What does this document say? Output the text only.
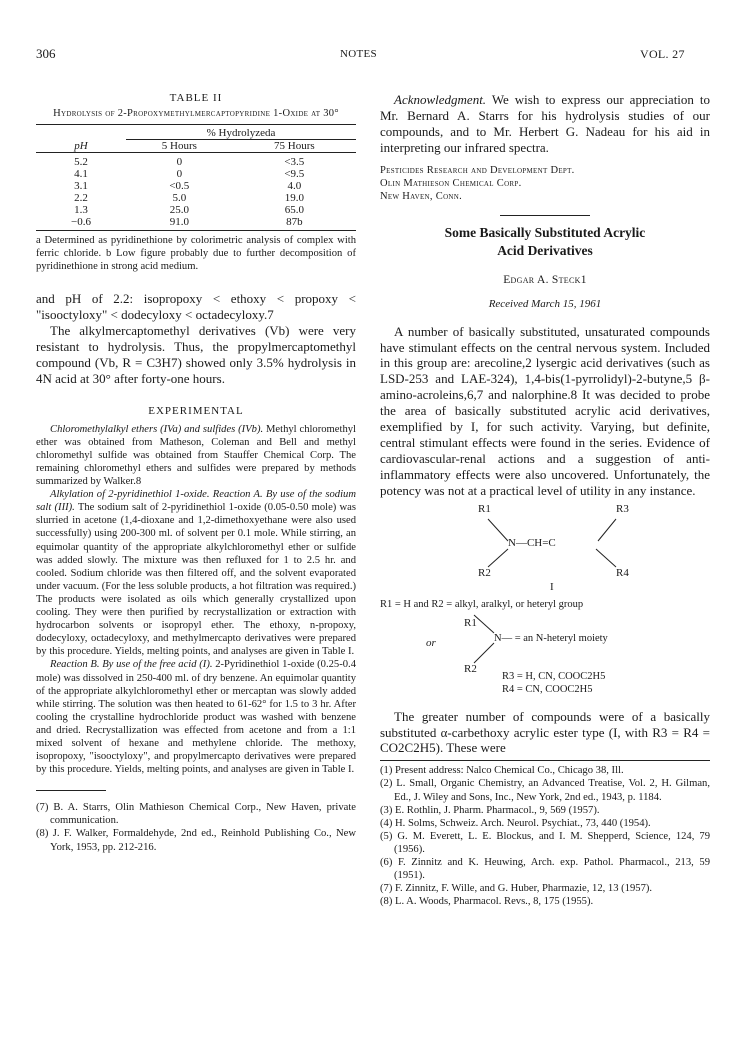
306	NOTES	VOL. 27
TABLE II
Hydrolysis of 2-Propoxymethylmercaptopyridine 1-Oxide at 30°
	% Hydrolyzeda	
pH	5 Hours	75 Hours
5.2	0	<3.5
4.1	0	<9.5
3.1	<0.5	4.0
2.2	5.0	19.0
1.3	25.0	65.0
−0.6	91.0	87b

a Determined as pyridinethione by colorimetric analysis of complex with ferric chloride. b Low figure probably due to further decomposition of pyridinethione in strong acid medium.

and pH of 2.2: isopropoxy < ethoxy < propoxy < "isooctyloxy" < dodecyloxy < octadecyloxy.7

The alkylmercaptomethyl derivatives (Vb) were very resistant to hydrolysis. Thus, the propylmercaptomethyl compound (Vb, R = C3H7) showed only 3.5% hydrolysis in 4N acid at 30° after forty-one hours.

EXPERIMENTAL

Chloromethylalkyl ethers (IVa) and sulfides (IVb). Methyl chloromethyl ether was obtained from Matheson, Coleman and Bell and methyl chloromethyl sulfide was obtained from Stauffer Chemical Corp. The remaining chloromethyl ethers and sulfides were prepared by methods summarized by Walker.8

Alkylation of 2-pyridinethiol 1-oxide. Reaction A. By use of the sodium salt (III). The sodium salt of 2-pyridinethiol 1-oxide (0.05-0.50 mole) was slurried in acetone (1,4-dioxane and 1,2-dimethoxyethane were also used successfully) using 200-300 ml. of solvent per 0.1 mole. While stirring, an equimolar quantity of the appropriate alkylchloromethyl ether or sulfide was added slowly. The mixture was then refluxed for 1 to 2.5 hr. and cooled. Sodium chloride was then filtered off, and the solvent evaporated under vacuum. (For the less soluble products, a hot filtration was required.) The products were isolated as oils which generally crystallized upon cooling. They were then purified by recrystallization or extraction with hydrocarbon solvents or isopropyl ether. The ethoxy, n-propoxy, dodecyloxy, octadecyloxy, and methylmercapto derivatives were prepared by this procedure. Yields, melting points, and analyses are given in Table I.

Reaction B. By use of the free acid (I). 2-Pyridinethiol 1-oxide (0.25-0.4 mole) was dissolved in 250-400 ml. of dry benzene. An equimolar quantity of the appropriate alkylchloromethyl ether or mercaptan was slowly added while stirring. The solution was then heated to 61-62° for 1.5 to 3 hr. After cooling the crystalline hydrochloride product was washed with benzene and dried. Recrystallization was effected from acetone and from a 1:1 mixed solvent of hexane and methylene chloride. The methoxy, isopropoxy, "isooctyloxy", and propylmercapto derivatives were prepared by this procedure. Yields, melting points, and analyses are given in Table I.

(7) B. A. Starrs, Olin Mathieson Chemical Corp., New Haven, private communication.

(8) J. F. Walker, Formaldehyde, 2nd ed., Reinhold Publishing Co., New York, 1953, pp. 212-216.

Acknowledgment. We wish to express our appreciation to Mr. Bernard A. Starrs for his hydrolysis studies of our compounds, and to Mr. Herbert G. Nadeau for his aid in interpreting our infrared spectra.

Pesticides Research and Development Dept.
Olin Mathieson Chemical Corp.
New Haven, Conn.
Some Basically Substituted Acrylic
Acid Derivatives
Edgar A. Steck1
Received March 15, 1961

A number of basically substituted, unsaturated compounds have stimulant effects on the central nervous system. Included in this group are: arecoline,2 lysergic acid derivatives (such as LSD-253 and LAE-324), 1,4-bis(1-pyrrolidyl)-2-butyne,5 β-amino-acroleins,6,7 and nalorphine.8 It was decided to probe the area of basically substituted acrylic acid derivatives, exemplified by I, for such activity. Varying, but definite, central stimulant effects were found in the series. Evidence of cardiovascular-renal actions and a suggestion of anti-inflammatory effects were also uncovered. Unfortunately, the potency was not at a practical level of utility in any instance.

R1	R3
N—CH=C
R2	R4
I
R1 = H and R2 = alkyl, aralkyl, or heteryl group
R1
or	N— = an N-heteryl moiety
R2
R3 = H, CN, COOC2H5
R4 = CN, COOC2H5

The greater number of compounds were of a basically substituted α-carbethoxy acrylic ester type (I, with R3 = R4 = CO2C2H5). These were

(1) Present address: Nalco Chemical Co., Chicago 38, Ill.

(2) L. Small, Organic Chemistry, an Advanced Treatise, Vol. 2, H. Gilman, Ed., J. Wiley and Sons, Inc., New York, 2nd ed., 1943, p. 1184.

(3) E. Rothlin, J. Pharm. Pharmacol., 9, 569 (1957).

(4) H. Solms, Schweiz. Arch. Neurol. Psychiat., 73, 440 (1954).

(5) G. M. Everett, L. E. Blockus, and I. M. Shepperd, Science, 124, 79 (1956).

(6) F. Zinnitz and K. Heuwing, Arch. exp. Pathol. Pharmacol., 213, 59 (1951).

(7) F. Zinnitz, F. Wille, and G. Huber, Pharmazie, 12, 13 (1957).

(8) L. A. Woods, Pharmacol. Revs., 8, 175 (1955).
